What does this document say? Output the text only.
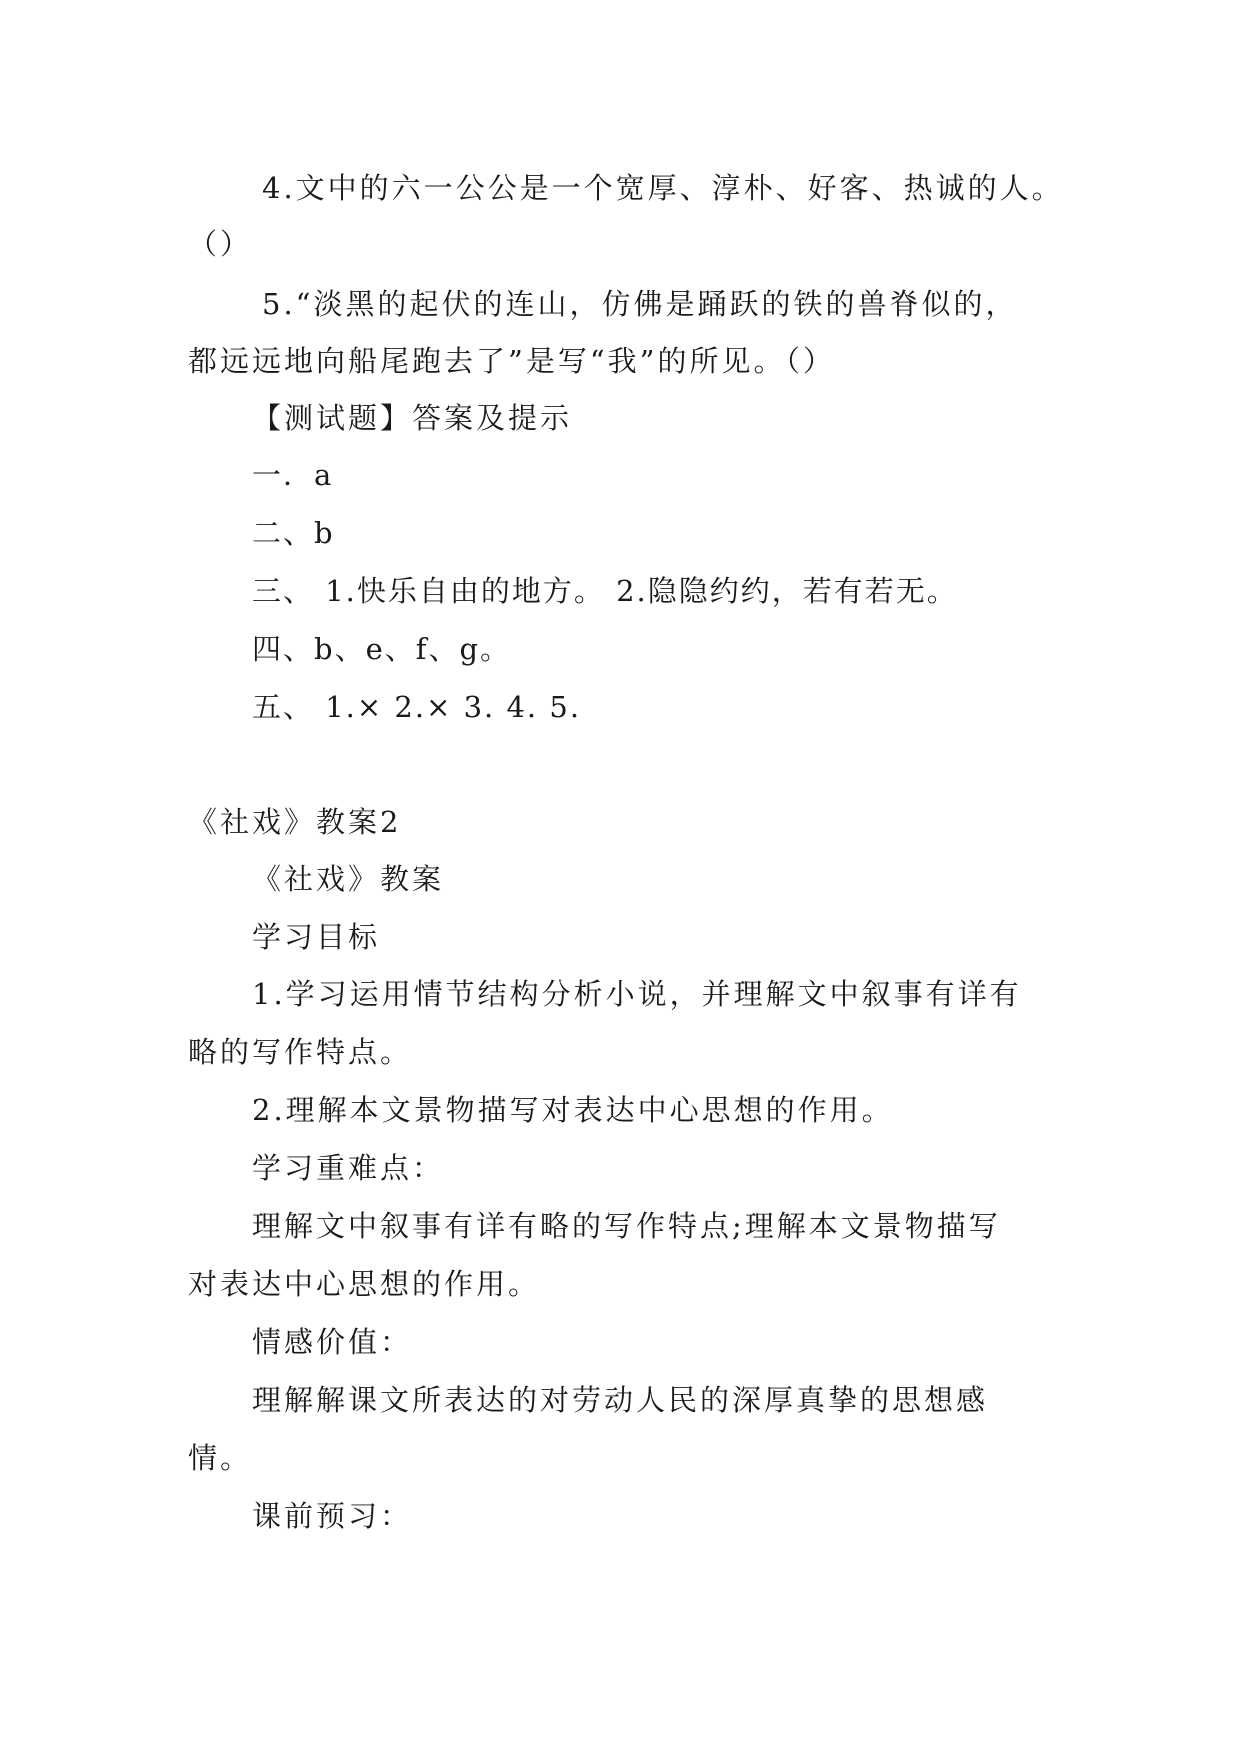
4.文中的六一公公是一个宽厚、淳朴、好客、热诚的人。
（）
5.“淡黑的起伏的连山，仿佛是踊跃的铁的兽脊似的，
都远远地向船尾跑去了”是写“我”的所见。（）
【测试题】答案及提示
一．a
二、b
三、 1.快乐自由的地方。 2.隐隐约约，若有若无。
四、b、e、f、g。
五、 1.× 2.× 3. 4. 5.
《社戏》教案2
《社戏》教案
学习目标
1.学习运用情节结构分析小说，并理解文中叙事有详有
略的写作特点。
2.理解本文景物描写对表达中心思想的作用。
学习重难点：
理解文中叙事有详有略的写作特点;理解本文景物描写
对表达中心思想的作用。
情感价值：
理解解课文所表达的对劳动人民的深厚真挚的思想感
情。
课前预习：
